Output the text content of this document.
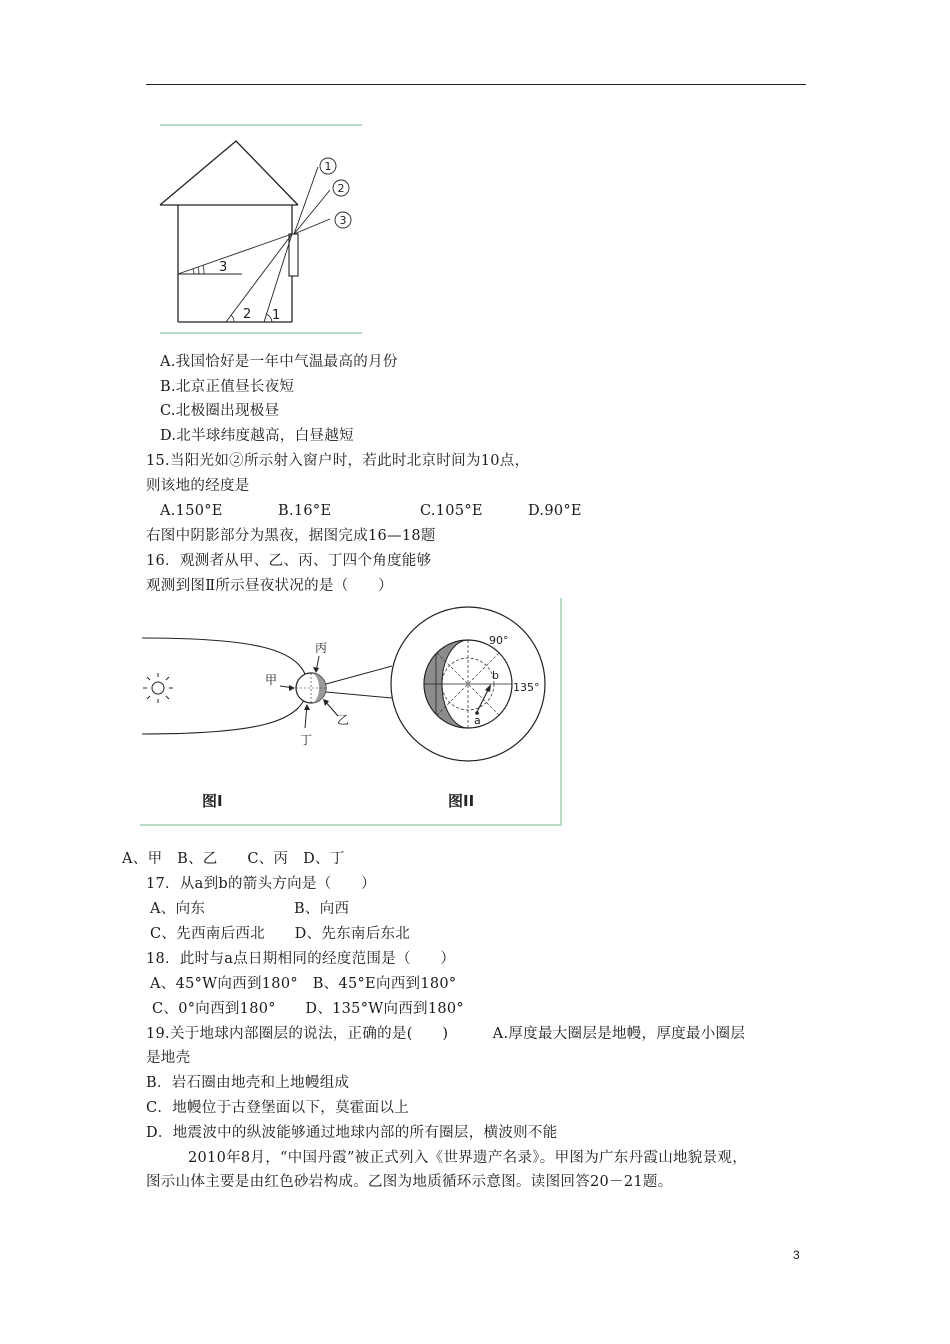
1
2
3
3
2 1
A.我国恰好是一年中气温最高的月份
B.北京正值昼长夜短
C.北极圈出现极昼
D.北半球纬度越高，白昼越短
15.当阳光如②所示射入窗户时，若此时北京时间为10点，
则该地的经度是
A.150°E	B.16°E	C.105°E	D.90°E
右图中阴影部分为黑夜，据图完成16—18题
16．观测者从甲、乙、丙、丁四个角度能够
观测到图Ⅱ所示昼夜状况的是（　　）
甲
丙
乙
丁
a
b
90°
135°
图I	图II
A、甲　B、乙　　C、丙　D、丁
17．从a到b的箭头方向是（　　）
A、向东　　　　　　B、向西
C、先西南后西北　　D、先东南后东北
18．此时与a点日期相同的经度范围是（　　）
A、45°W向西到180°　B、45°E向西到180°
C、0°向西到180°　　D、135°W向西到180°
19.关于地球内部圈层的说法，正确的是(　　)　　　A.厚度最大圈层是地幔，厚度最小圈层
是地壳
B．岩石圈由地壳和上地幔组成
C．地幔位于古登堡面以下，莫霍面以上
D．地震波中的纵波能够通过地球内部的所有圈层，横波则不能
2010年8月，“中国丹霞”被正式列入《世界遗产名录》。甲图为广东丹霞山地貌景观，
图示山体主要是由红色砂岩构成。乙图为地质循环示意图。读图回答20－21题。
3
